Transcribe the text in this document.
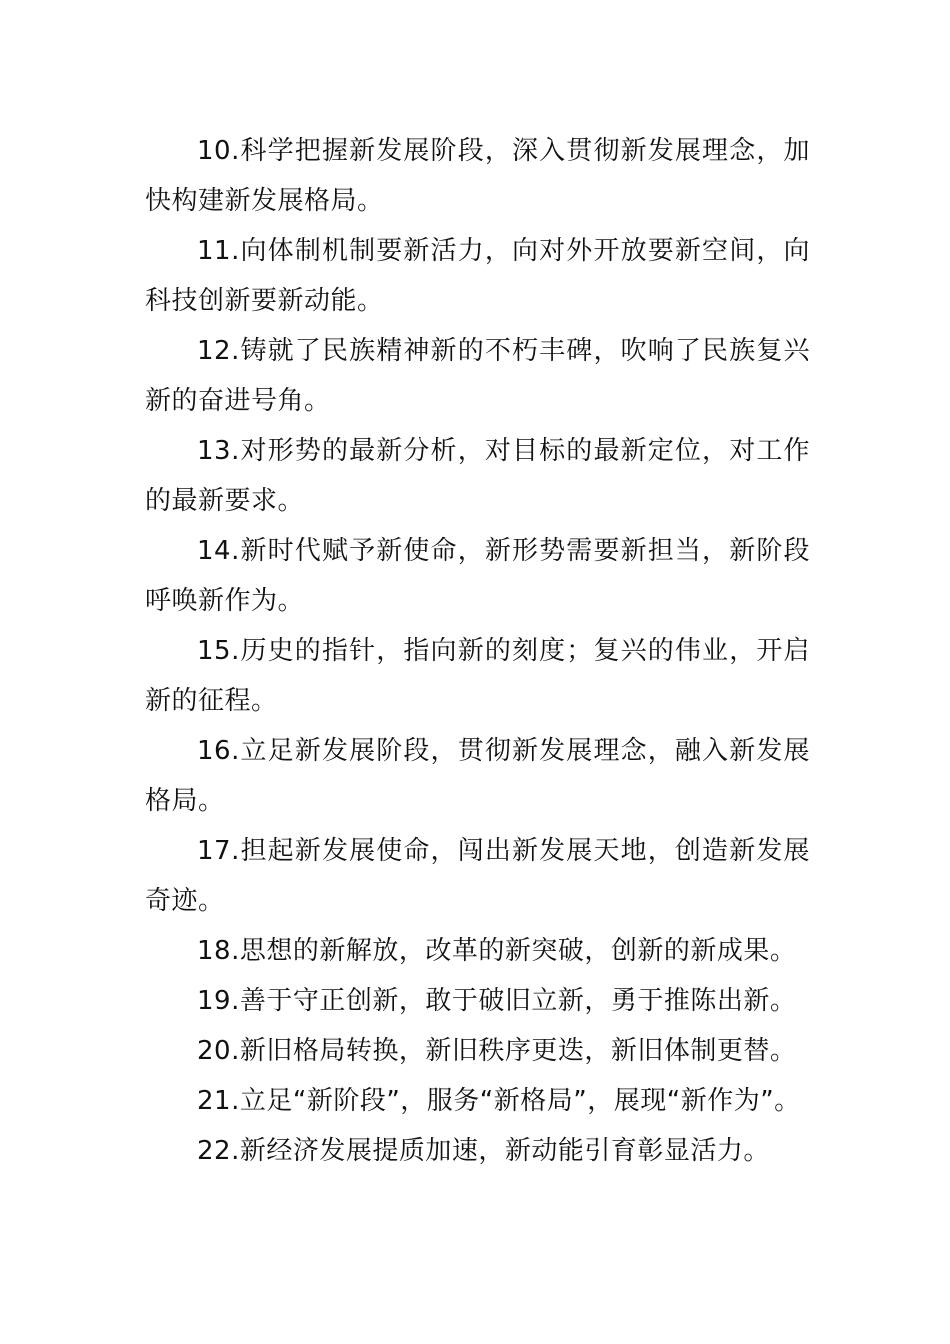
10.科学把握新发展阶段，深入贯彻新发展理念，加快构建新发展格局。

11.向体制机制要新活力，向对外开放要新空间，向科技创新要新动能。

12.铸就了民族精神新的不朽丰碑，吹响了民族复兴新的奋进号角。

13.对形势的最新分析，对目标的最新定位，对工作的最新要求。

14.新时代赋予新使命，新形势需要新担当，新阶段呼唤新作为。

15.历史的指针，指向新的刻度；复兴的伟业，开启新的征程。

16.立足新发展阶段，贯彻新发展理念，融入新发展格局。

17.担起新发展使命，闯出新发展天地，创造新发展奇迹。

18.思想的新解放，改革的新突破，创新的新成果。

19.善于守正创新，敢于破旧立新，勇于推陈出新。

20.新旧格局转换，新旧秩序更迭，新旧体制更替。

21.立足“新阶段”，服务“新格局”，展现“新作为”。

22.新经济发展提质加速，新动能引育彰显活力。
